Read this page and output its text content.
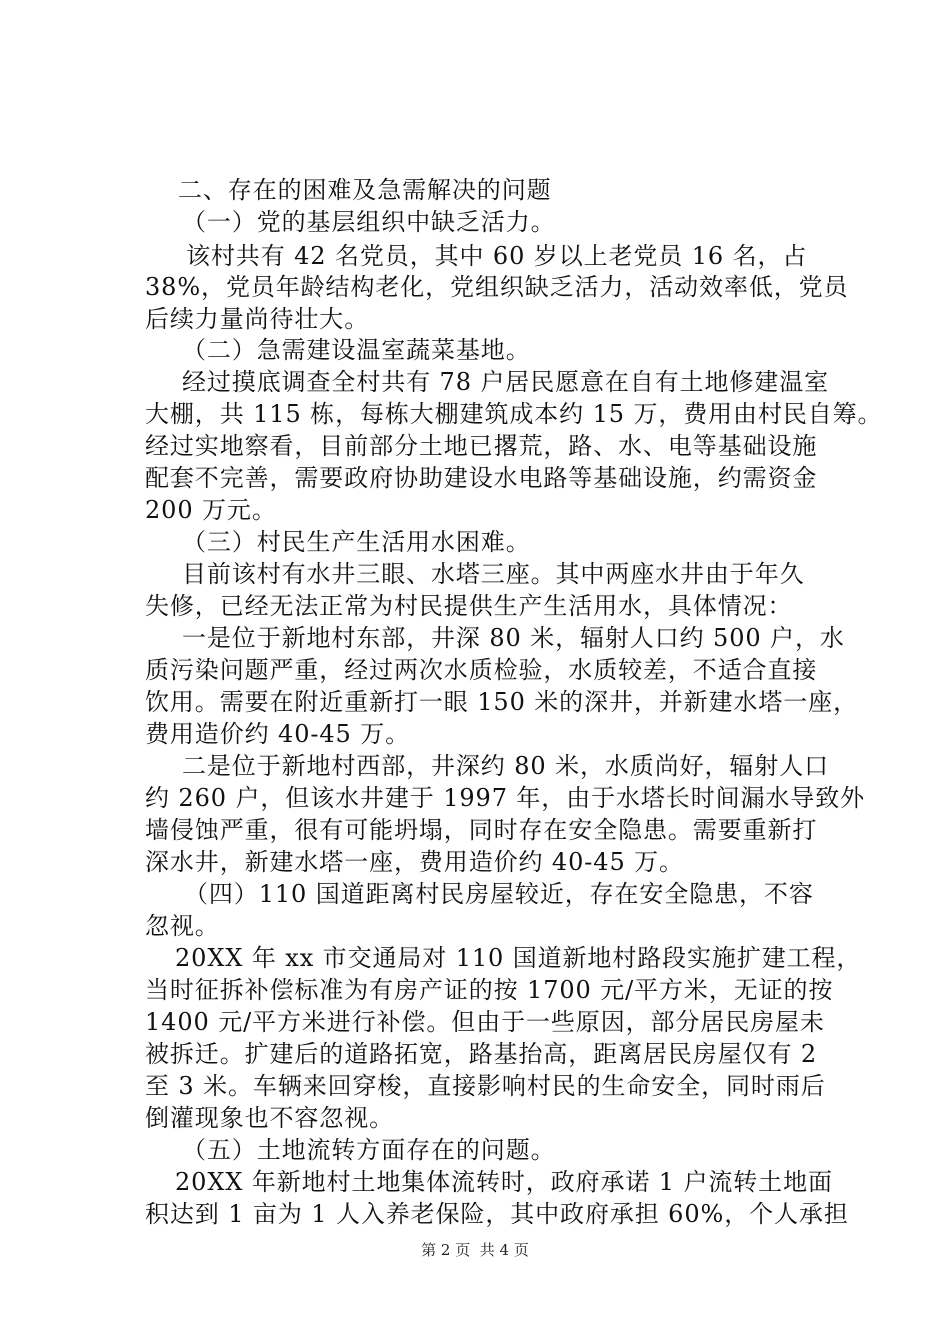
二、存在的困难及急需解决的问题
（一）党的基层组织中缺乏活力。
该村共有 42 名党员，其中 60 岁以上老党员 16 名，占
38%，党员年龄结构老化，党组织缺乏活力，活动效率低，党员
后续力量尚待壮大。
（二）急需建设温室蔬菜基地。
经过摸底调查全村共有 78 户居民愿意在自有土地修建温室
大棚，共 115 栋，每栋大棚建筑成本约 15 万，费用由村民自筹。
经过实地察看，目前部分土地已撂荒，路、水、电等基础设施
配套不完善，需要政府协助建设水电路等基础设施，约需资金
200 万元。
（三）村民生产生活用水困难。
目前该村有水井三眼、水塔三座。其中两座水井由于年久
失修，已经无法正常为村民提供生产生活用水，具体情况：
一是位于新地村东部，井深 80 米，辐射人口约 500 户，水
质污染问题严重，经过两次水质检验，水质较差，不适合直接
饮用。需要在附近重新打一眼 150 米的深井，并新建水塔一座，
费用造价约 40-45 万。
二是位于新地村西部，井深约 80 米，水质尚好，辐射人口
约 260 户，但该水井建于 1997 年，由于水塔长时间漏水导致外
墙侵蚀严重，很有可能坍塌，同时存在安全隐患。需要重新打
深水井，新建水塔一座，费用造价约 40-45 万。
（四）110 国道距离村民房屋较近，存在安全隐患，不容
忽视。
20XX 年 xx 市交通局对 110 国道新地村路段实施扩建工程，
当时征拆补偿标准为有房产证的按 1700 元/平方米，无证的按
1400 元/平方米进行补偿。但由于一些原因，部分居民房屋未
被拆迁。扩建后的道路拓宽，路基抬高，距离居民房屋仅有 2
至 3 米。车辆来回穿梭，直接影响村民的生命安全，同时雨后
倒灌现象也不容忽视。
（五）土地流转方面存在的问题。
20XX 年新地村土地集体流转时，政府承诺 1 户流转土地面
积达到 1 亩为 1 人入养老保险，其中政府承担 60%，个人承担
第 2 页  共 4 页
